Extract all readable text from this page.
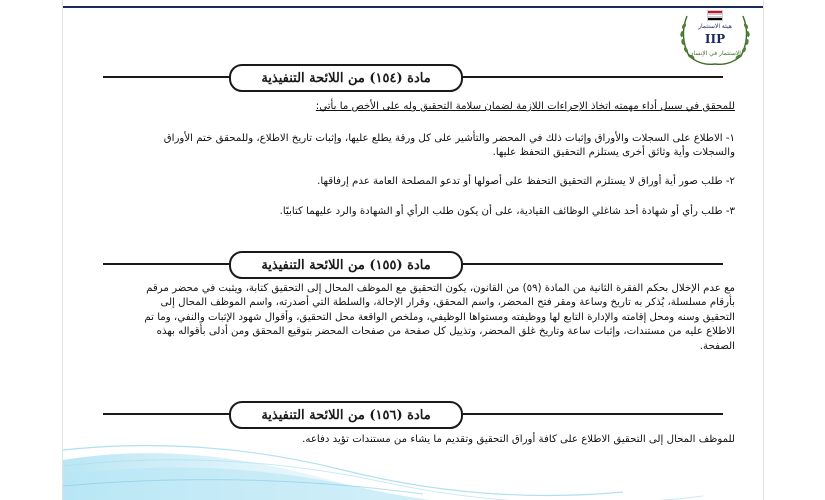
هيئة الاستثمار
IIP
الاستثمار في الإنسان
مادة (١٥٤) من اللائحة التنفيذية

للمحقق في سبيل أداء مهمته اتخاذ الإجراءات اللازمة لضمان سلامة التحقيق وله على الأخص ما يأتي:

١- الاطلاع على السجلات والأوراق وإثبات ذلك في المحضر والتأشير على كل ورقة يطلع عليها، وإثبات تاريخ الاطلاع، وللمحقق ختم الأوراق والسجلات وأية وثائق أخرى يستلزم التحقيق التحفظ عليها.

٢- طلب صور أية أوراق لا يستلزم التحقيق التحفظ على أصولها أو تدعو المصلحة العامة عدم إرفاقها.

٣- طلب رأي أو شهادة أحد شاغلي الوظائف القيادية، على أن يكون طلب الرأي أو الشهادة والرد عليهما كتابيًا.

مادة (١٥٥) من اللائحة التنفيذية

مع عدم الإخلال بحكم الفقرة الثانية من المادة (٥٩) من القانون، يكون التحقيق مع الموظف المحال إلى التحقيق كتابة، ويثبت في محضر مرقم بأرقام مسلسلة، يُذكر به تاريخ وساعة ومقر فتح المحضر، واسم المحقق، وقرار الإحالة، والسلطة التي أصدرته، واسم الموظف المحال إلى التحقيق وسنه ومحل إقامته والإدارة التابع لها ووظيفته ومستواها الوظيفي، وملخص الواقعة محل التحقيق، وأقوال شهود الإثبات والنفي، وما تم الاطلاع عليه من مستندات، وإثبات ساعة وتاريخ غلق المحضر، وتذييل كل صفحة من صفحات المحضر بتوقيع المحقق ومن أدلى بأقواله بهذه الصفحة.

مادة (١٥٦) من اللائحة التنفيذية

للموظف المحال إلى التحقيق الاطلاع على كافة أوراق التحقيق وتقديم ما يشاء من مستندات تؤيد دفاعه.
